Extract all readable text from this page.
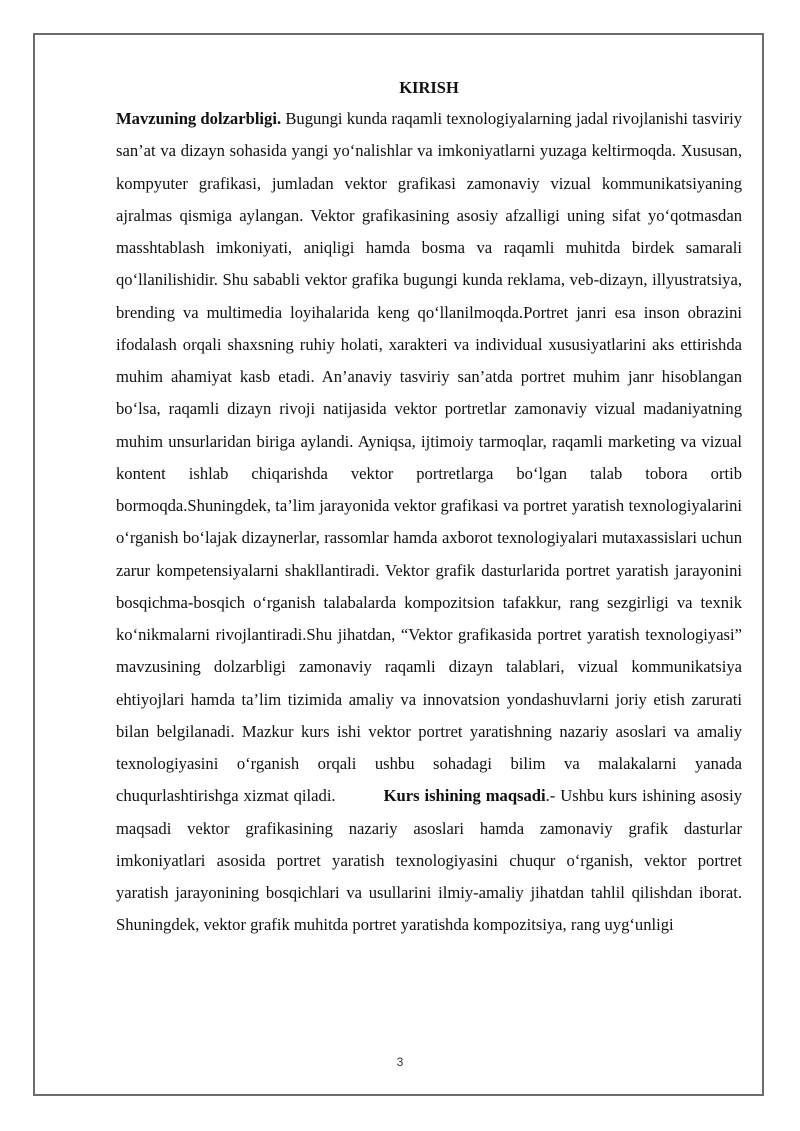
KIRISH

Mavzuning dolzarbligi. Bugungi kunda raqamli texnologiyalarning jadal rivojlanishi tasviriy san’at va dizayn sohasida yangi yo‘nalishlar va imkoniyatlarni yuzaga keltirmoqda. Xususan, kompyuter grafikasi, jumladan vektor grafikasi zamonaviy vizual kommunikatsiyaning ajralmas qismiga aylangan. Vektor grafikasining asosiy afzalligi uning sifat yo‘qotmasdan masshtablash imkoniyati, aniqligi hamda bosma va raqamli muhitda birdek samarali qo‘llanilishidir. Shu sababli vektor grafika bugungi kunda reklama, veb-dizayn, illyustratsiya, brending va multimedia loyihalarida keng qo‘llanilmoqda.Portret janri esa inson obrazini ifodalash orqali shaxsning ruhiy holati, xarakteri va individual xususiyatlarini aks ettirishda muhim ahamiyat kasb etadi. An’anaviy tasviriy san’atda portret muhim janr hisoblangan bo‘lsa, raqamli dizayn rivoji natijasida vektor portretlar zamonaviy vizual madaniyatning muhim unsurlaridan biriga aylandi. Ayniqsa, ijtimoiy tarmoqlar, raqamli marketing va vizual kontent ishlab chiqarishda vektor portretlarga bo‘lgan talab tobora ortib bormoqda.Shuningdek, ta’lim jarayonida vektor grafikasi va portret yaratish texnologiyalarini o‘rganish bo‘lajak dizaynerlar, rassomlar hamda axborot texnologiyalari mutaxassislari uchun zarur kompetensiyalarni shakllantiradi. Vektor grafik dasturlarida portret yaratish jarayonini bosqichma-bosqich o‘rganish talabalarda kompozitsion tafakkur, rang sezgirligi va texnik ko‘nikmalarni rivojlantiradi.Shu jihatdan, “Vektor grafikasida portret yaratish texnologiyasi” mavzusining dolzarbligi zamonaviy raqamli dizayn talablari, vizual kommunikatsiya ehtiyojlari hamda ta’lim tizimida amaliy va innovatsion yondashuvlarni joriy etish zarurati bilan belgilanadi. Mazkur kurs ishi vektor portret yaratishning nazariy asoslari va amaliy texnologiyasini o‘rganish orqali ushbu sohadagi bilim va malakalarni yanada chuqurlashtirishga xizmat qiladi.	Kurs ishining maqsadi.- Ushbu kurs ishining asosiy maqsadi vektor grafikasining nazariy asoslari hamda zamonaviy grafik dasturlar imkoniyatlari asosida portret yaratish texnologiyasini chuqur o‘rganish, vektor portret yaratish jarayonining bosqichlari va usullarini ilmiy-amaliy jihatdan tahlil qilishdan iborat. Shuningdek, vektor grafik muhitda portret yaratishda kompozitsiya, rang uyg‘unligi

3
